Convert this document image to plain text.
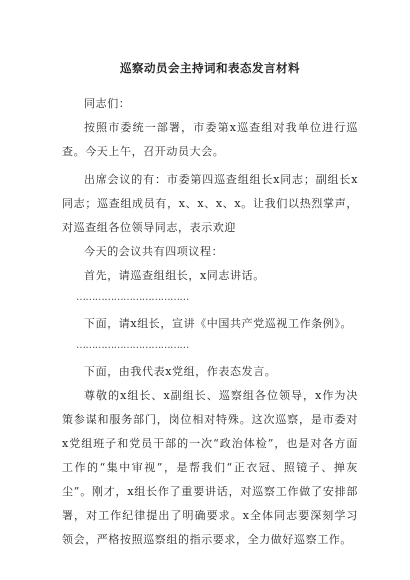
巡察动员会主持词和表态发言材料

同志们：

按照市委统一部署，市委第x巡查组对我单位进行巡查。今天上午，召开动员大会。

出席会议的有：市委第四巡查组组长x同志；副组长x同志；巡查组成员有，x、x、x、x。让我们以热烈掌声，对巡查组各位领导同志，表示欢迎

今天的会议共有四项议程：

首先，请巡查组组长，x同志讲话。

………………………………

下面，请x组长，宣讲《中国共产党巡视工作条例》。

………………………………

下面，由我代表x党组，作表态发言。

尊敬的x组长、x副组长、巡察组各位领导，x作为决策参谋和服务部门，岗位相对特殊。这次巡察，是市委对x党组班子和党员干部的一次“政治体检”，也是对各方面工作的“集中审视”，是帮我们“正衣冠、照镜子、掸灰尘”。刚才，x组长作了重要讲话，对巡察工作做了安排部署，对工作纪律提出了明确要求。x全体同志要深刻学习领会，严格按照巡察组的指示要求，全力做好巡察工作。
